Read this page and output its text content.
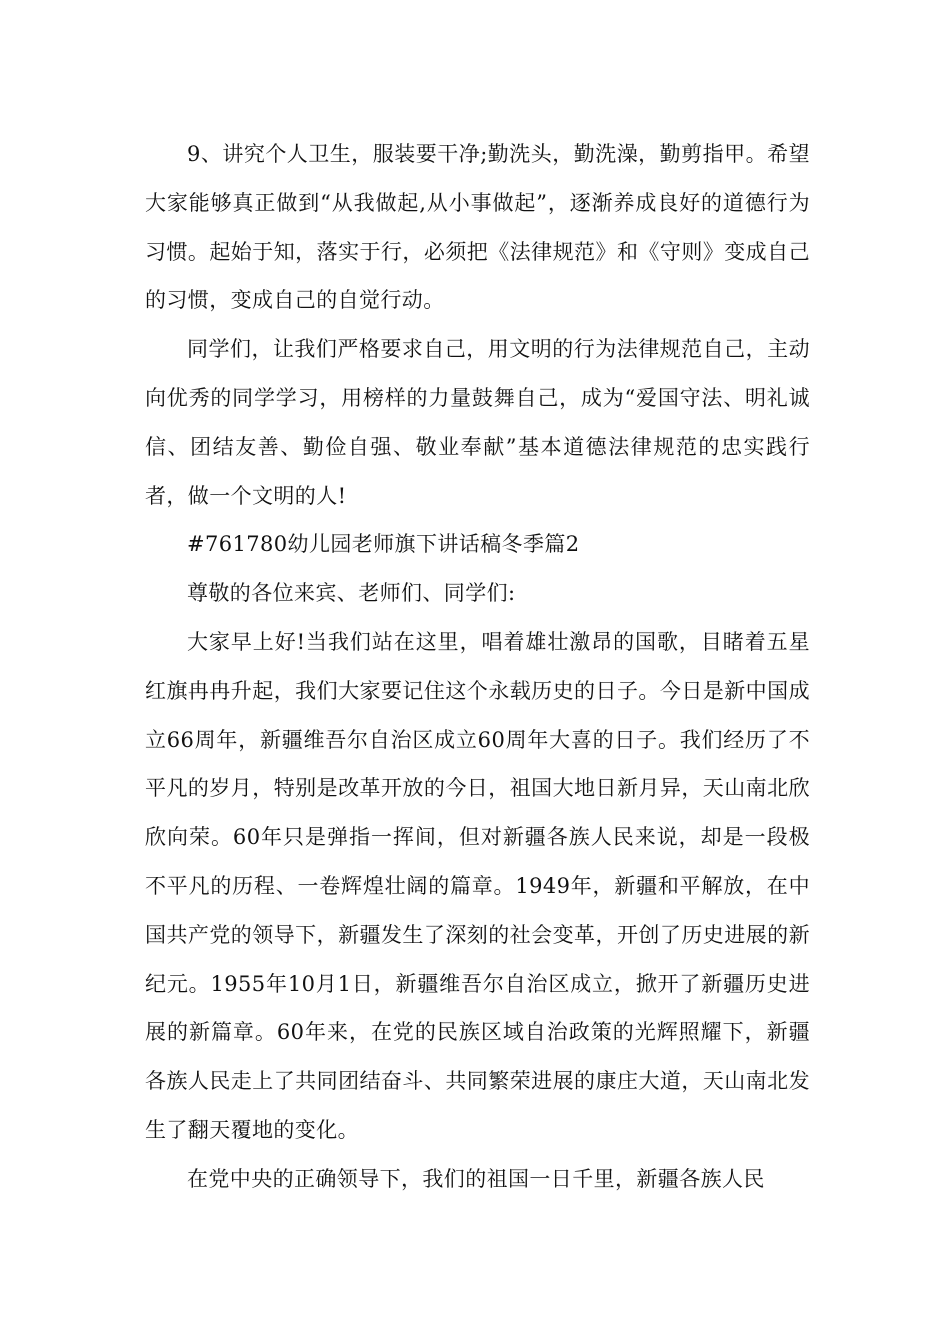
9、讲究个人卫生，服装要干净;勤洗头，勤洗澡，勤剪指甲。希望大家能够真正做到“从我做起,从小事做起”，逐渐养成良好的道德行为习惯。起始于知，落实于行，必须把《法律规范》和《守则》变成自己的习惯，变成自己的自觉行动。

同学们，让我们严格要求自己，用文明的行为法律规范自己，主动向优秀的同学学习，用榜样的力量鼓舞自己，成为“爱国守法、明礼诚信、团结友善、勤俭自强、敬业奉献”基本道德法律规范的忠实践行者，做一个文明的人!

#761780幼儿园老师旗下讲话稿冬季篇2

尊敬的各位来宾、老师们、同学们:

大家早上好!当我们站在这里，唱着雄壮激昂的国歌，目睹着五星红旗冉冉升起，我们大家要记住这个永载历史的日子。今日是新中国成立66周年，新疆维吾尔自治区成立60周年大喜的日子。我们经历了不平凡的岁月，特别是改革开放的今日，祖国大地日新月异，天山南北欣欣向荣。60年只是弹指一挥间，但对新疆各族人民来说，却是一段极不平凡的历程、一卷辉煌壮阔的篇章。1949年，新疆和平解放，在中国共产党的领导下，新疆发生了深刻的社会变革，开创了历史进展的新纪元。1955年10月1日，新疆维吾尔自治区成立，掀开了新疆历史进展的新篇章。60年来，在党的民族区域自治政策的光辉照耀下，新疆各族人民走上了共同团结奋斗、共同繁荣进展的康庄大道，天山南北发生了翻天覆地的变化。

在党中央的正确领导下，我们的祖国一日千里，新疆各族人民
